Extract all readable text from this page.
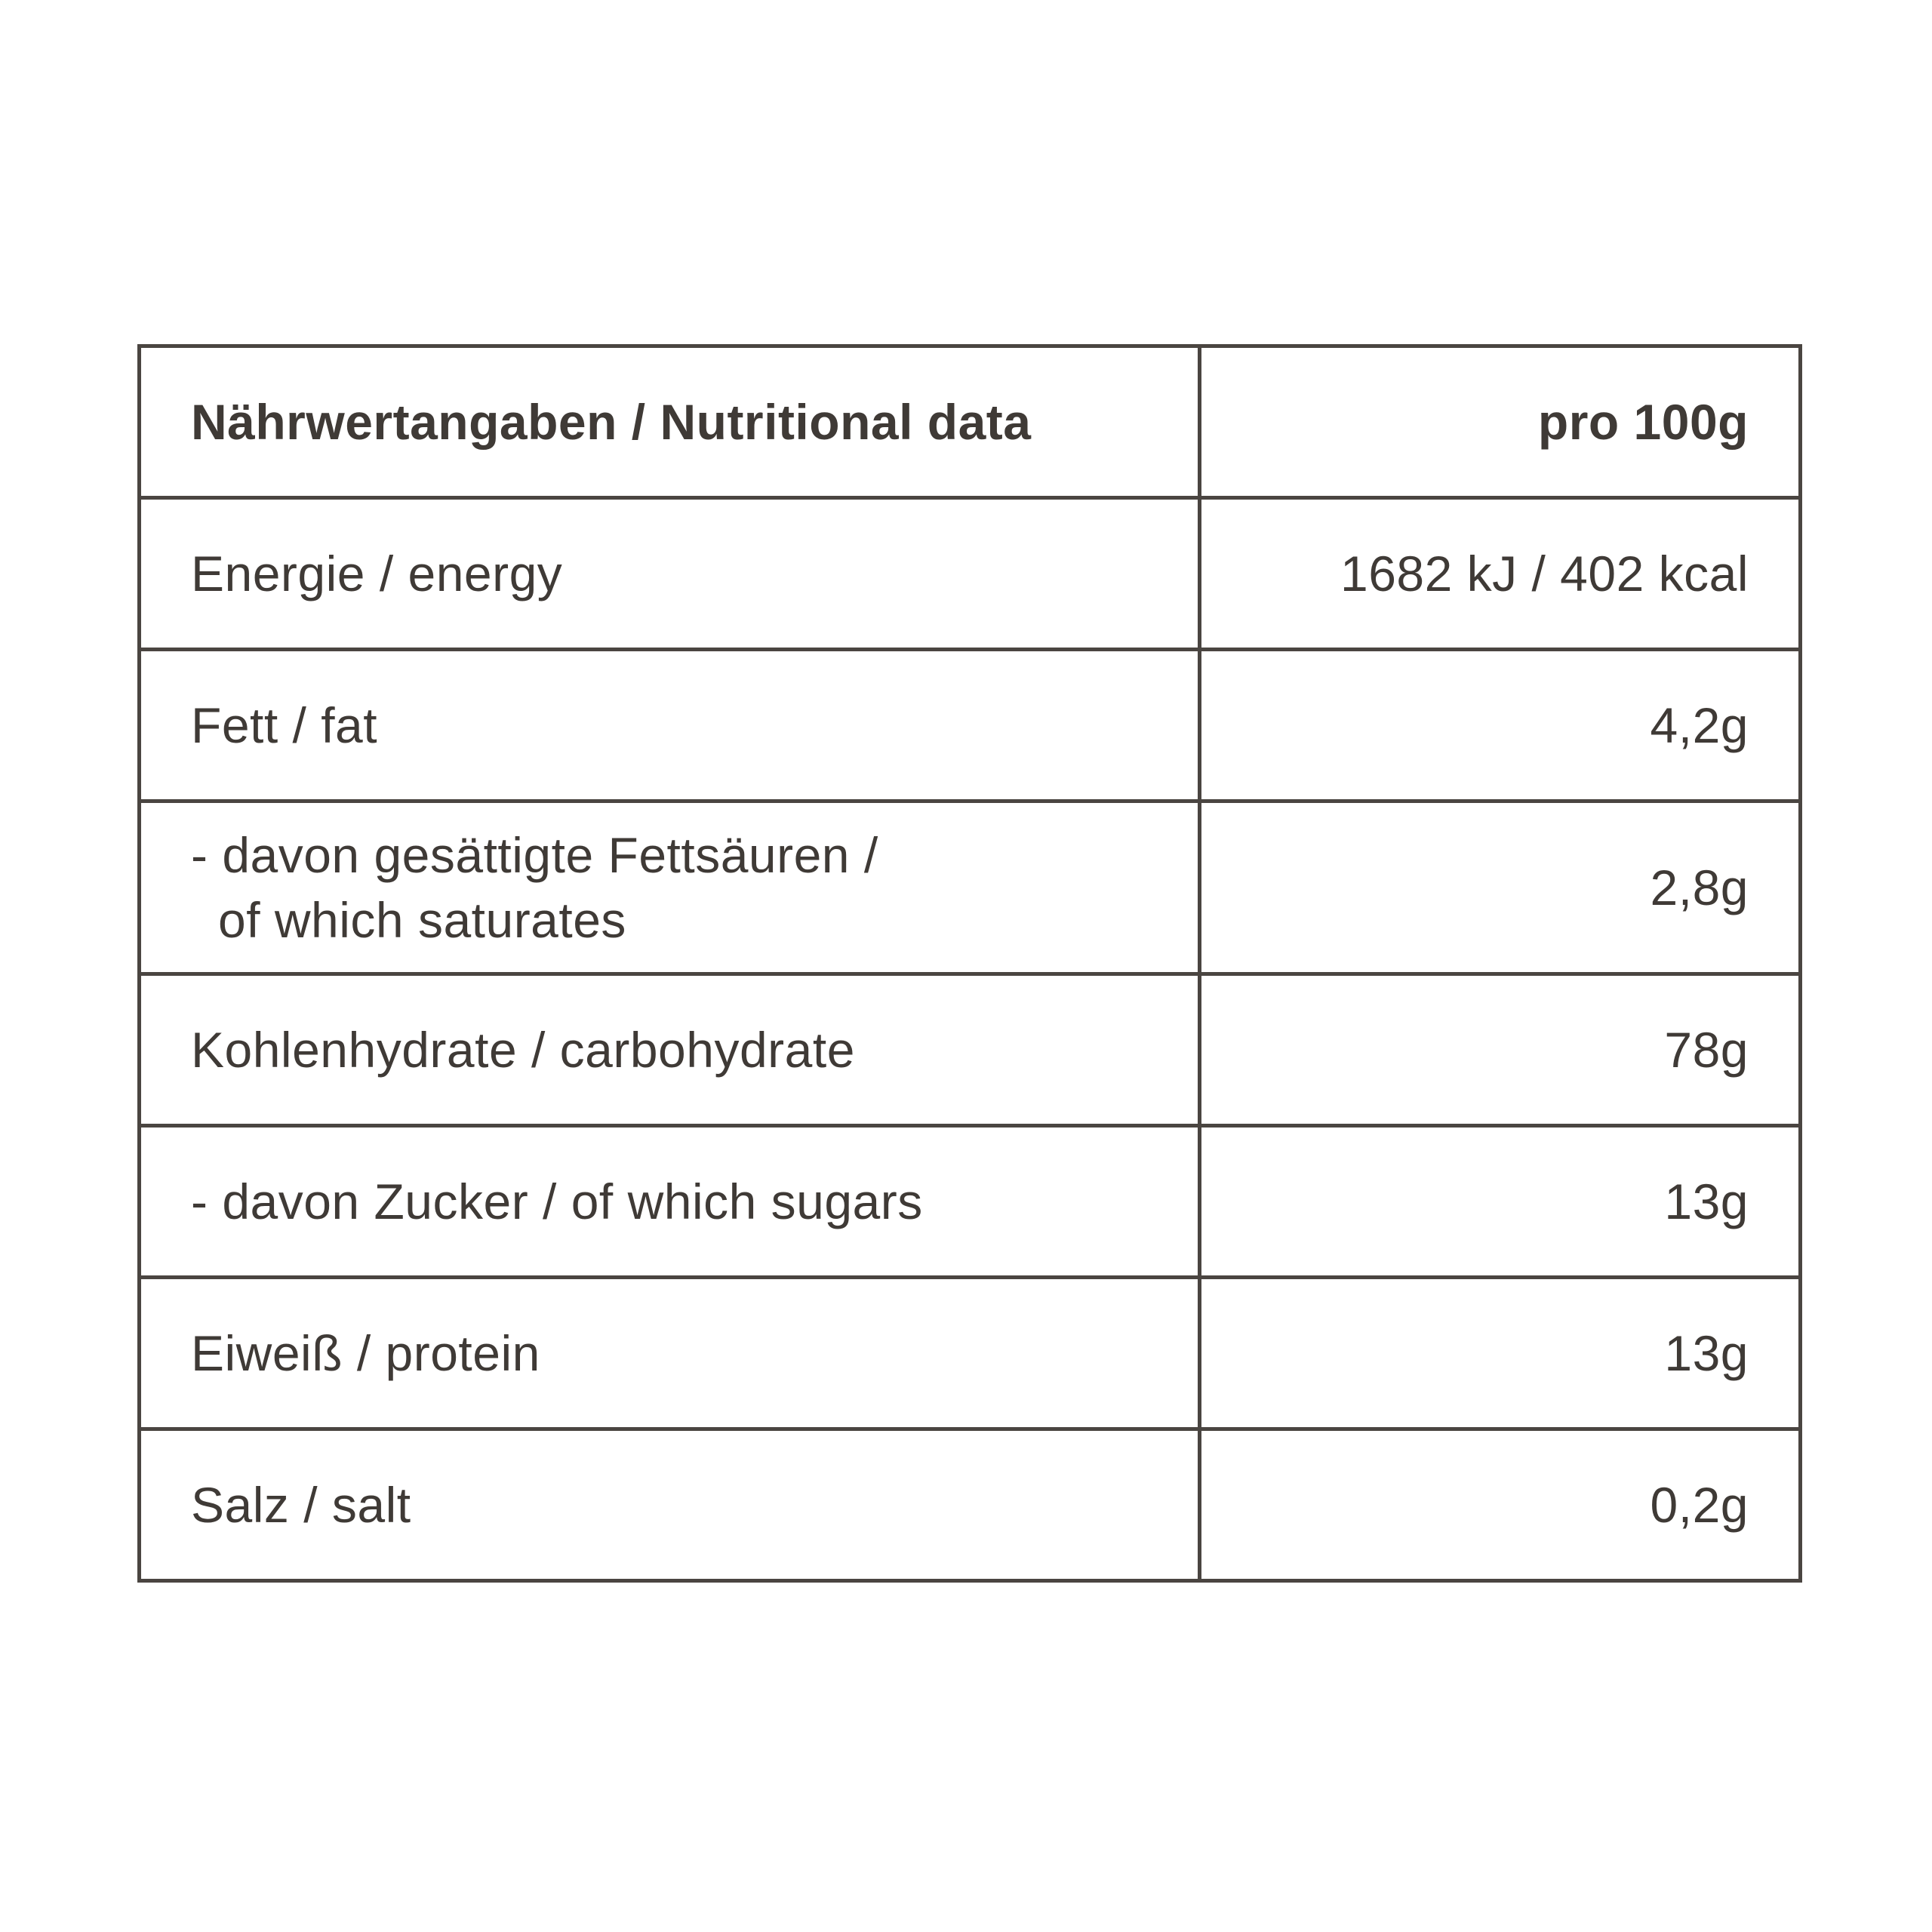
Nährwertangaben / Nutritional data	pro 100g
Energie / energy	1682 kJ / 402 kcal
Fett / fat	4,2g

- davon gesättigte Fettsäuren /
of which saturates	2,8g
Kohlenhydrate / carbohydrate	78g
- davon Zucker / of which sugars	13g
Eiweiß / protein	13g
Salz / salt	0,2g
